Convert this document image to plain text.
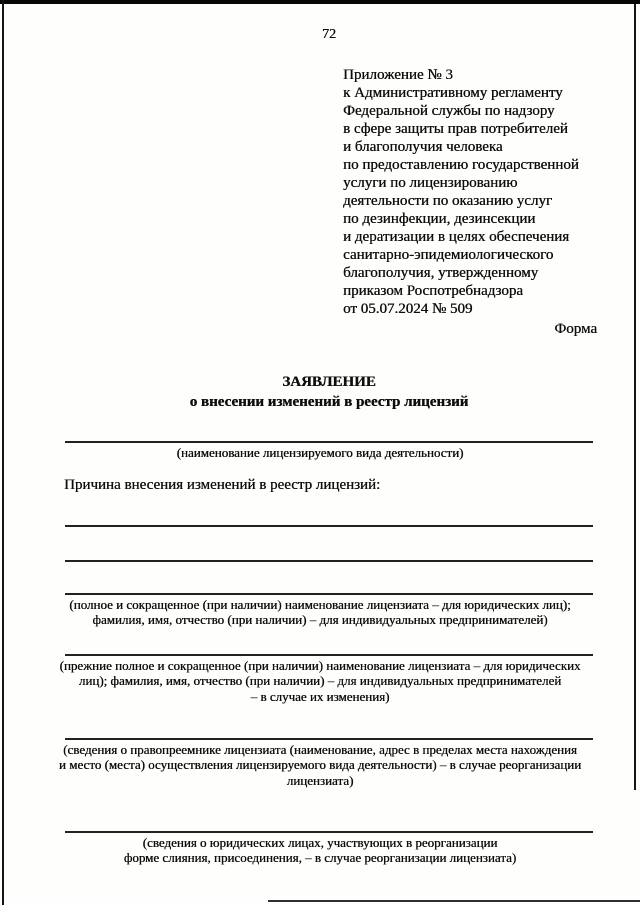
72
Приложение № 3
к Административному регламенту
Федеральной службы по надзору
в сфере защиты прав потребителей
и благополучия человека
по предоставлению государственной
услуги по лицензированию
деятельности по оказанию услуг
по дезинфекции, дезинсекции
и дератизации в целях обеспечения
санитарно-эпидемиологического
благополучия, утвержденному
приказом Роспотребнадзора
от 05.07.2024 № 509
Форма
ЗАЯВЛЕНИЕ
о внесении изменений в реестр лицензий
(наименование лицензируемого вида деятельности)
Причина внесения изменений в реестр лицензий:
(полное и сокращенное (при наличии) наименование лицензиата – для юридических лиц);
фамилия, имя, отчество (при наличии) – для индивидуальных предпринимателей)
(прежние полное и сокращенное (при наличии) наименование лицензиата – для юридических
лиц); фамилия, имя, отчество (при наличии) – для индивидуальных предпринимателей
– в случае их изменения)
(сведения о правопреемнике лицензиата (наименование, адрес в пределах места нахождения
и место (места) осуществления лицензируемого вида деятельности) – в случае реорганизации
лицензиата)
(сведения о юридических лицах, участвующих в реорганизации
форме слияния, присоединения, – в случае реорганизации лицензиата)
